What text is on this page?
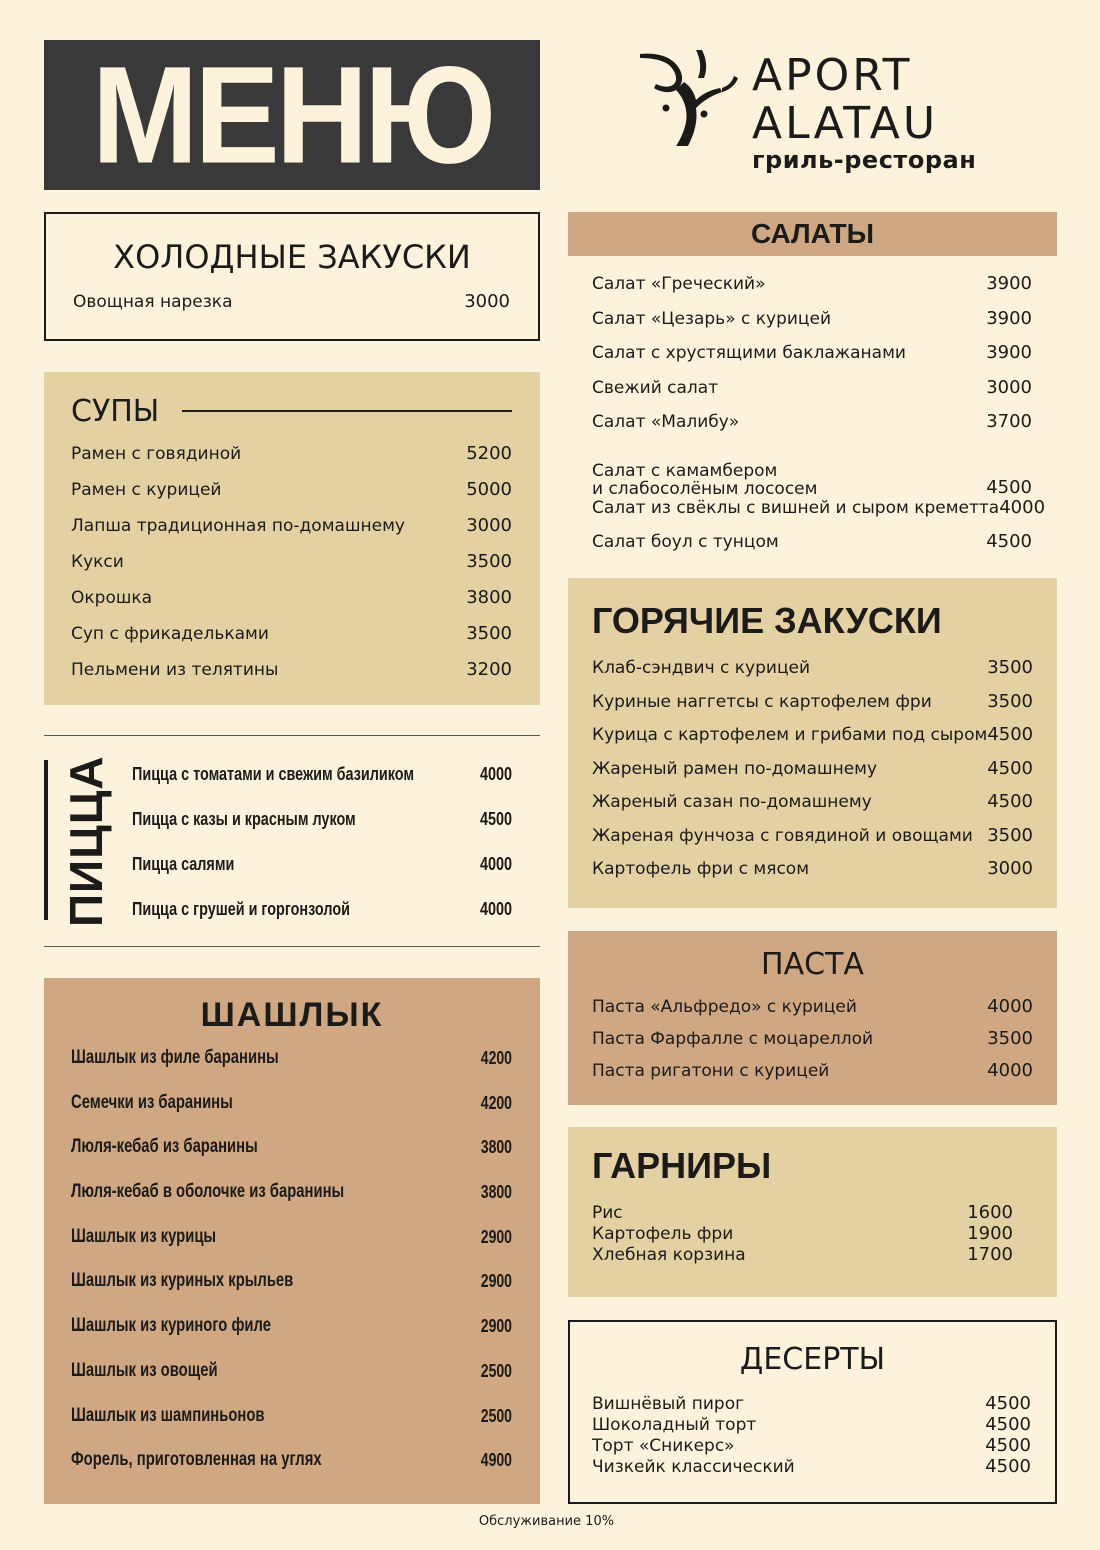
МЕНЮ	APORT
ALATAU
гриль-ресторан
ХОЛОДНЫЕ ЗАКУСКИ
Овощная нарезка	3000
СУПЫ
Рамен с говядиной	5200
Рамен с курицей	5000
Лапша традиционная по-домашнему	3000
Кукси	3500
Окрошка	3800
Суп с фрикадельками	3500
Пельмени из телятины	3200
ПИЦЦА Пицца с томатами и свежим базиликом	4000
Пицца с казы и красным луком	4500
Пицца салями	4000
Пицца с грушей и горгонзолой	4000
ШАШЛЫК
Шашлык из филе баранины	4200
Семечки из баранины	4200
Люля-кебаб из баранины	3800
Люля-кебаб в оболочке из баранины	3800
Шашлык из курицы	2900
Шашлык из куриных крыльев	2900
Шашлык из куриного филе	2900
Шашлык из овощей	2500
Шашлык из шампиньонов	2500
Форель, приготовленная на углях	4900
САЛАТЫ
Салат «Греческий»	3900
Салат «Цезарь» с курицей	3900
Салат с хрустящими баклажанами	3900
Свежий салат	3000
Салат «Малибу»	3700
Салат с камамбером
и слабосолёным лососем	4500
Салат из свёклы с вишней и сыром креметта 4000
Салат боул с тунцом	4500
ГОРЯЧИЕ ЗАКУСКИ
Клаб-сэндвич с курицей	3500
Куриные наггетсы с картофелем фри	3500
Курица с картофелем и грибами под сыром 4500
Жареный рамен по-домашнему	4500
Жареный сазан по-домашнему	4500
Жареная фунчоза с говядиной и овощами 3500
Картофель фри с мясом	3000
ПАСТА
Паста «Альфредо» с курицей	4000
Паста Фарфалле с моцареллой	3500
Паста ригатони с курицей	4000
ГАРНИРЫ
Рис	1600
Картофель фри	1900
Хлебная корзина	1700
ДЕСЕРТЫ
Вишнёвый пирог	4500
Шоколадный торт	4500
Торт «Сникерс»	4500
Чизкейк классический	4500
Обслуживание 10%
